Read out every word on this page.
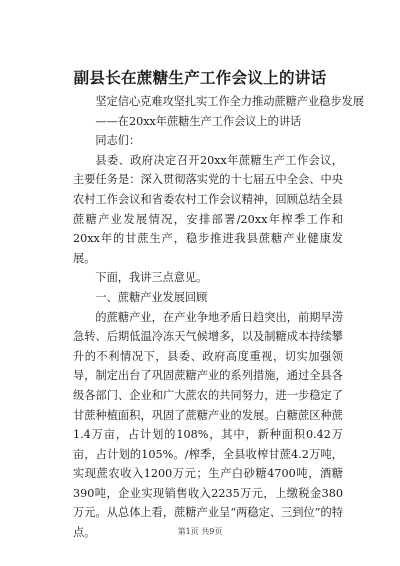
副县长在蔗糖生产工作会议上的讲话

坚定信心克难攻坚扎实工作全力推动蔗糖产业稳步发展

——在20xx年蔗糖生产工作会议上的讲话

同志们：

县委、政府决定召开20xx年蔗糖生产工作会议，主要任务是：深入贯彻落实党的十七届五中全会、中央农村工作会议和省委农村工作会议精神，回顾总结全县蔗糖产业发展情况，安排部署/20xx年榨季工作和20xx年的甘蔗生产，稳步推进我县蔗糖产业健康发展。

下面，我讲三点意见。

一、蔗糖产业发展回顾

的蔗糖产业，在产业争地矛盾日趋突出，前期早涝急转、后期低温冷冻天气候增多，以及制糖成本持续攀升的不利情况下，县委、政府高度重视，切实加强领导，制定出台了巩固蔗糖产业的系列措施，通过全县各级各部门、企业和广大蔗农的共同努力，进一步稳定了甘蔗种植面积，巩固了蔗糖产业的发展。白糖蔗区种蔗1.4万亩，占计划的108%，其中，新种面积0.42万亩，占计划的105%。/榨季，全县收榨甘蔗4.2万吨，实现蔗农收入1200万元；生产白砂糖4700吨，酒糖390吨，企业实现销售收入2235万元，上缴税金380万元。从总体上看，蔗糖产业呈“两稳定、三到位”的特点。	第1页 共9页
